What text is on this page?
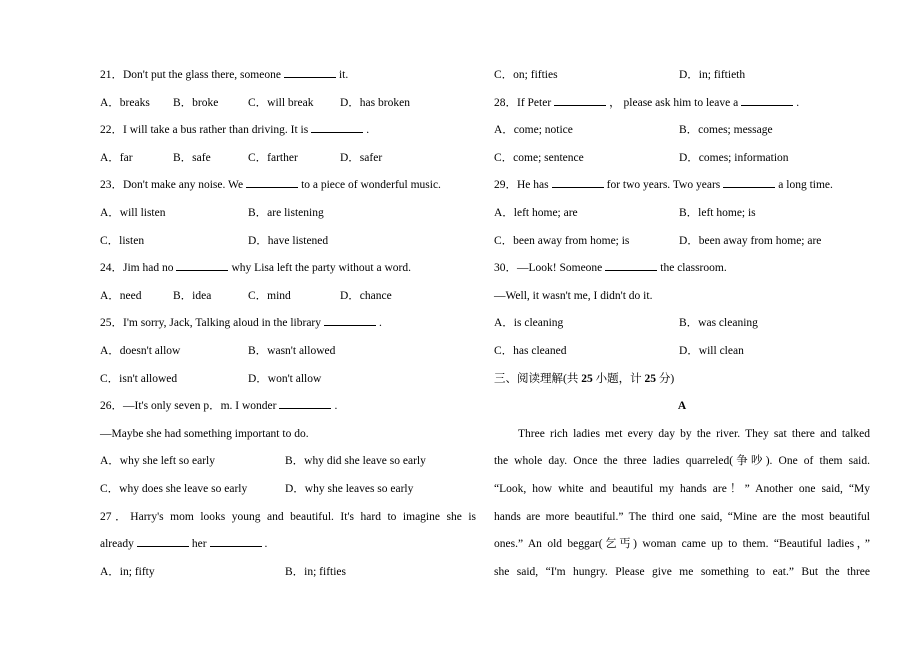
21．Don't put the glass there, someone	it.
A．breaks B．broke	C．will break D．has broken
22．I will take a bus rather than driving. It is	.
A．far	B．safe	C．farther	D．safer
23．Don't make any noise. We	to a piece of wonderful music.
A．will listen	B．are listening
C．listen	D．have listened
24．Jim had no	why Lisa left the party without a word.
A．need	B．idea	C．mind	D．chance
25．I'm sorry, Jack, Talking aloud in the library	.
A．doesn't allow	B．wasn't allowed
C．isn't allowed	D．won't allow
26．—It's only seven p．m. I wonder	.
—Maybe she had something important to do.
A．why she left so early	B．why did she leave so early
C．why does she leave so early	D．why she leaves so early
27．Harry's mom looks young and beautiful. It's hard to imagine she is
already	her	.
A．in; fifty	B．in; fifties
C．on; fifties	D．in; fiftieth
28．If Peter	， please ask him to leave a	.
A．come; notice	B．comes; message
C．come; sentence	D．comes; information
29．He has	for two years. Two years	a long time.
A．left home; are	B．left home; is
C．been away from home; is	D．been away from home; are
30．—Look! Someone	the classroom.
—Well, it wasn't me, I didn't do it.
A．is cleaning	B．was cleaning
C．has cleaned	D．will clean
三、阅读理解(共 25 小题，计 25 分)
A
Three rich ladies met every day by the river. They sat there and talked
the whole day. Once the three ladies quarreled(争吵). One of them said.
“Look, how white and beautiful my hands are！” Another one said, “My
hands are more beautiful.” The third one said, “Mine are the most beautiful
ones.” An old beggar(乞丐) woman came up to them. “Beautiful ladies，”
she said, “I'm hungry. Please give me something to eat.” But the three
